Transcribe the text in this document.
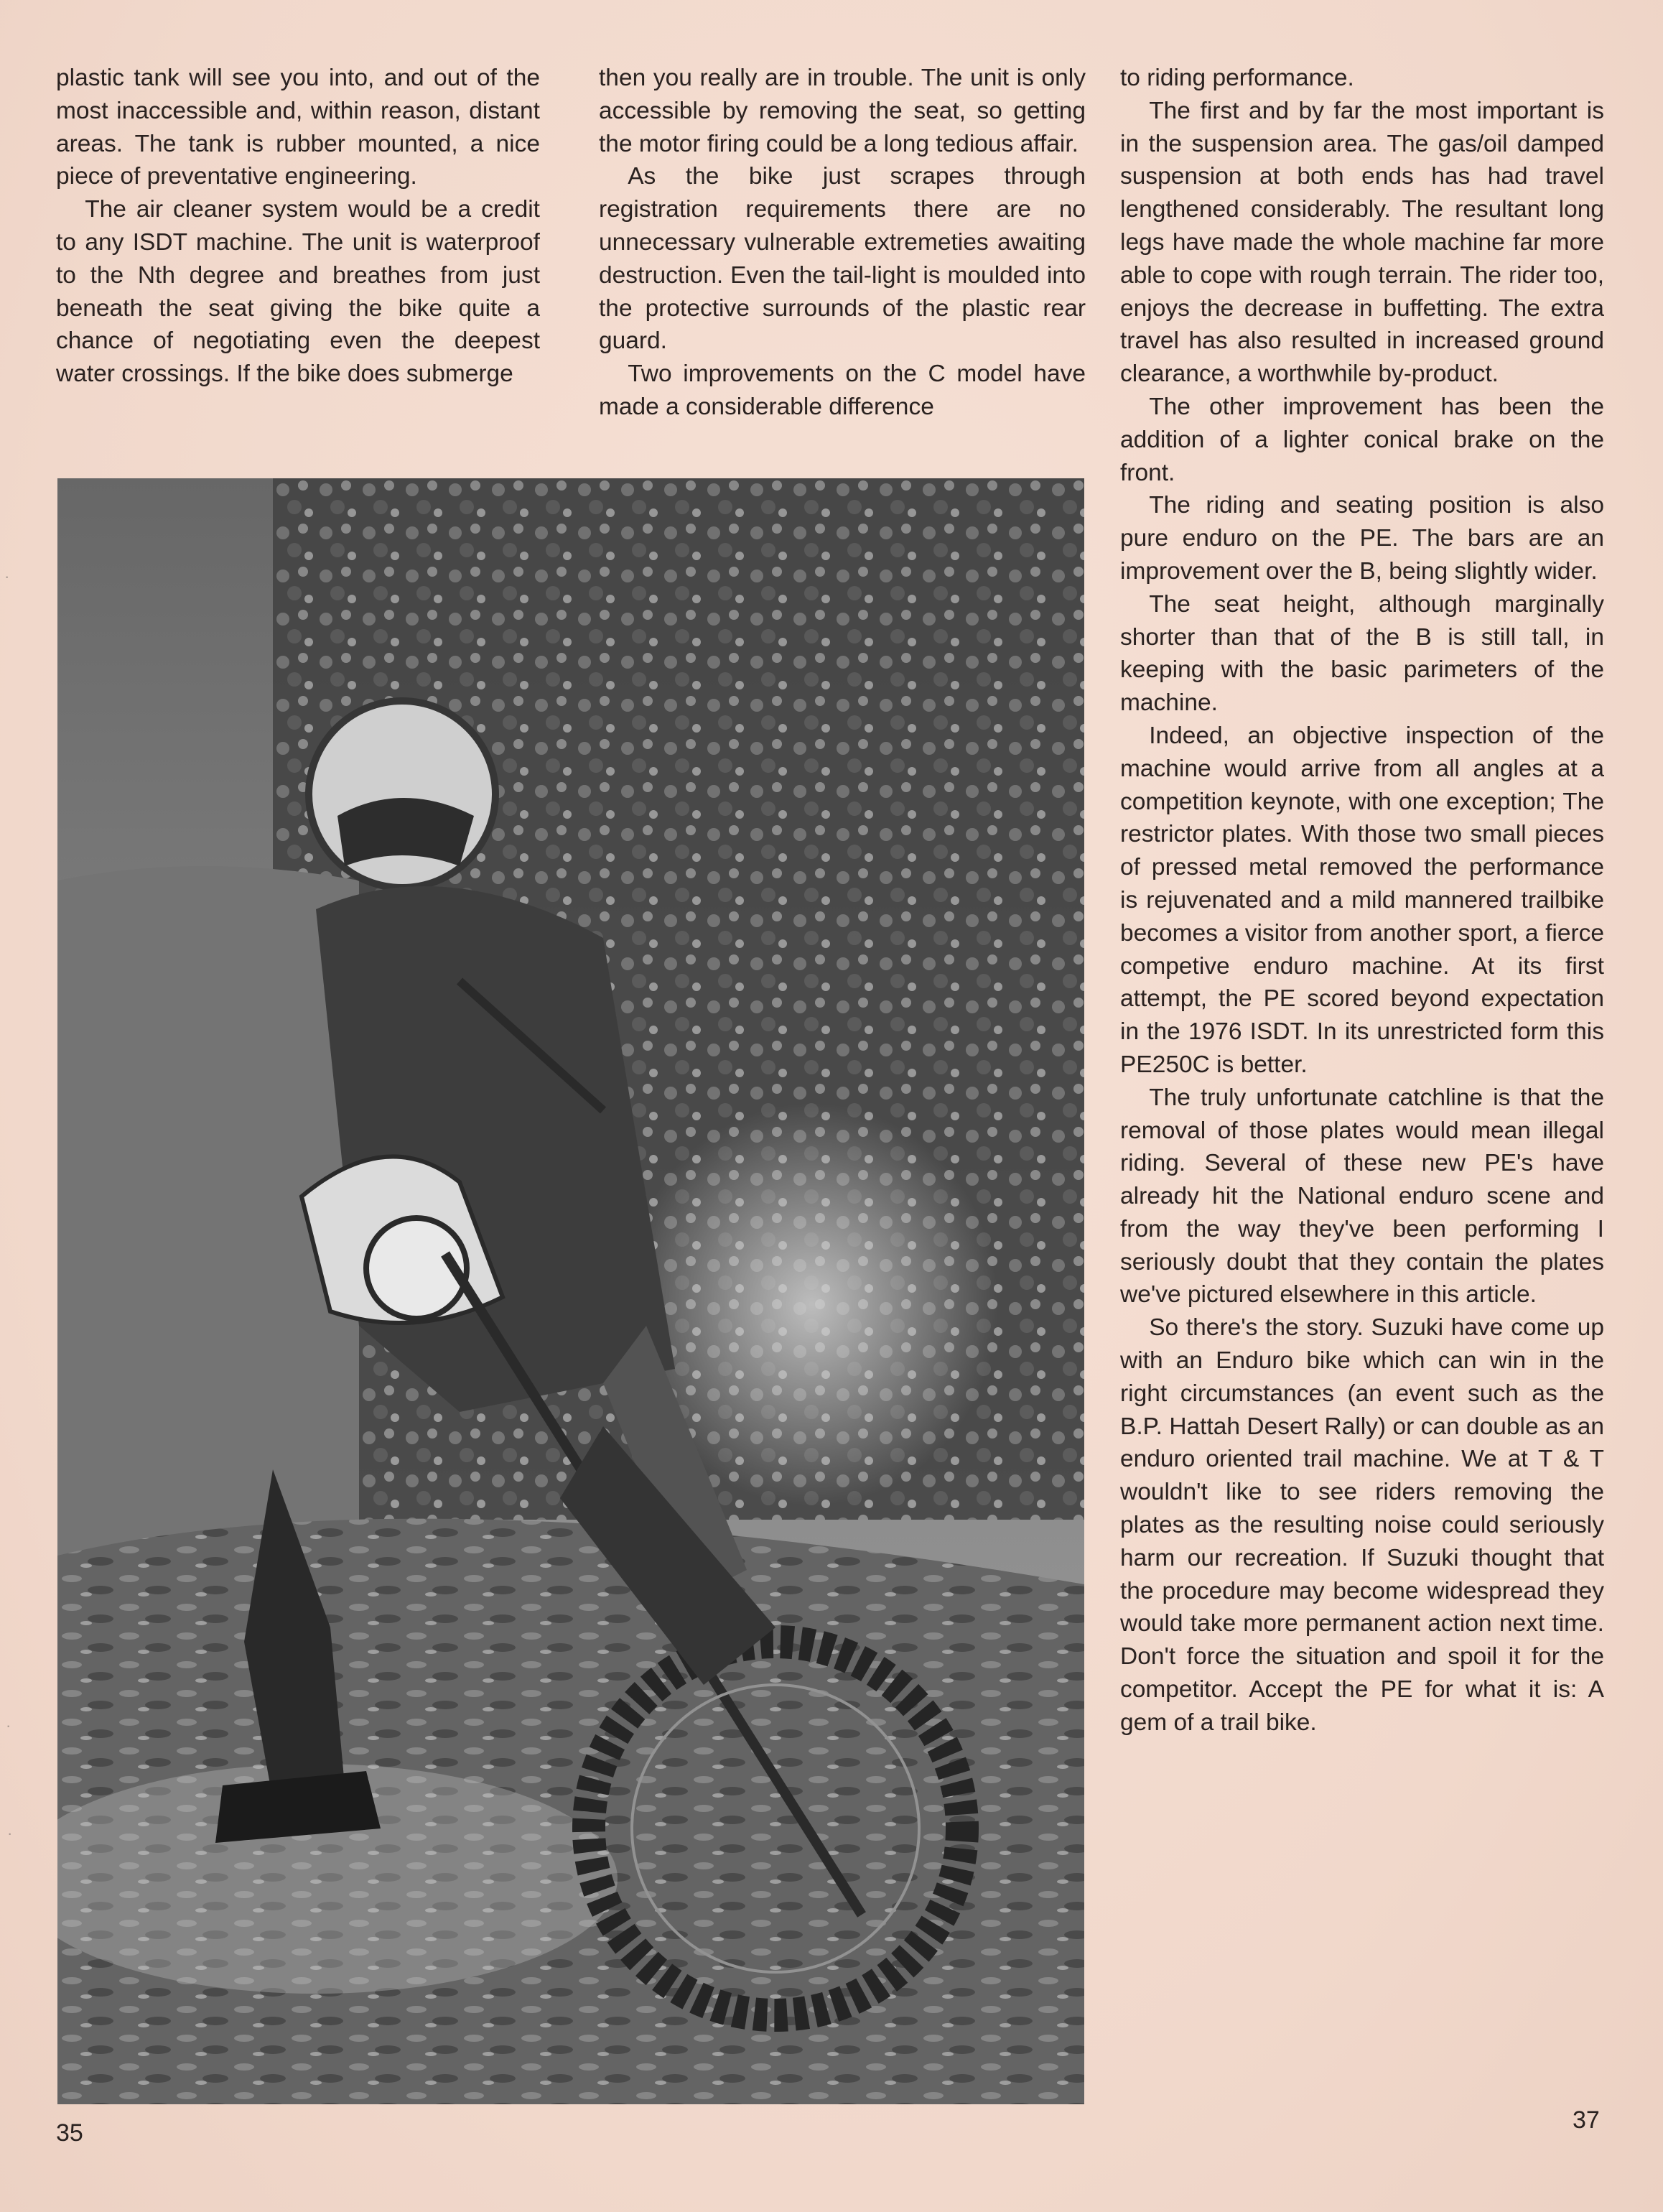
plastic tank will see you into, and out of the most inaccessible and, within reason, distant areas. The tank is rubber mounted, a nice piece of preventative engineering.

The air cleaner system would be a credit to any ISDT machine. The unit is waterproof to the Nth degree and breathes from just beneath the seat giving the bike quite a chance of negotiating even the deepest water crossings. If the bike does submerge

then you really are in trouble. The unit is only accessible by removing the seat, so getting the motor firing could be a long tedious affair.

As the bike just scrapes through registration requirements there are no unnecessary vulnerable extremeties awaiting destruction. Even the tail-light is moulded into the protective surrounds of the plastic rear guard.

Two improvements on the C model have made a considerable difference

to riding performance.

The first and by far the most important is in the suspension area. The gas/oil damped suspension at both ends has had travel lengthened considerably. The resultant long legs have made the whole machine far more able to cope with rough terrain. The rider too, enjoys the decrease in buffetting. The extra travel has also resulted in increased ground clearance, a worthwhile by-product.

The other improvement has been the addition of a lighter conical brake on the front.

The riding and seating position is also pure enduro on the PE. The bars are an improvement over the B, being slightly wider.

The seat height, although marginally shorter than that of the B is still tall, in keeping with the basic parimeters of the machine.

Indeed, an objective inspection of the machine would arrive from all angles at a competition keynote, with one exception; The restrictor plates. With those two small pieces of pressed metal removed the performance is rejuvenated and a mild mannered trailbike becomes a visitor from another sport, a fierce competive enduro machine. At its first attempt, the PE scored beyond expectation in the 1976 ISDT. In its unrestricted form this PE250C is better.

The truly unfortunate catchline is that the removal of those plates would mean illegal riding. Several of these new PE's have already hit the National enduro scene and from the way they've been performing I seriously doubt that they contain the plates we've pictured elsewhere in this article.

So there's the story. Suzuki have come up with an Enduro bike which can win in the right circumstances (an event such as the B.P. Hattah Desert Rally) or can double as an enduro oriented trail machine. We at T & T wouldn't like to see riders removing the plates as the resulting noise could seriously harm our recreation. If Suzuki thought that the procedure may become widespread they would take more permanent action next time. Don't force the situation and spoil it for the competitor. Accept the PE for what it is: A gem of a trail bike.

35	37
·
·
·
